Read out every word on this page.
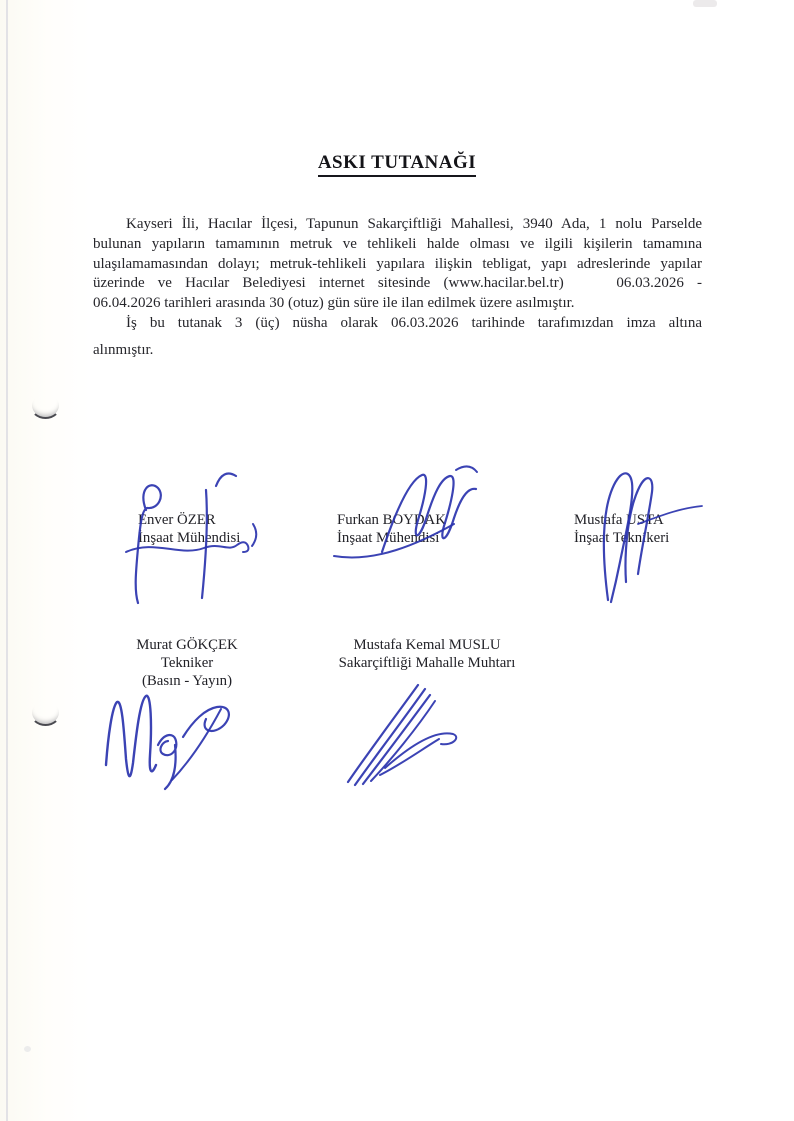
ASKI TUTANAĞI
Kayseri İli, Hacılar İlçesi, Tapunun Sakarçiftliği Mahallesi, 3940 Ada, 1 nolu Parselde
bulunan yapıların tamamının metruk ve tehlikeli halde olması ve ilgili kişilerin tamamına
ulaşılamamasından dolayı; metruk-tehlikeli yapılara ilişkin tebligat, yapı adreslerinde yapılar
üzerinde ve Hacılar Belediyesi internet sitesinde (www.hacilar.bel.tr)    06.03.2026 -
06.04.2026 tarihleri arasında 30 (otuz) gün süre ile ilan edilmek üzere asılmıştır.
İş bu tutanak 3 (üç) nüsha olarak 06.03.2026 tarihinde tarafımızdan imza altına
alınmıştır.
Enver ÖZER
İnşaat Mühendisi
Furkan BOYDAK
İnşaat Mühendisi
Mustafa USTA
İnşaat Teknikeri
Murat GÖKÇEK
Tekniker
(Basın - Yayın)
Mustafa Kemal MUSLU
Sakarçiftliği Mahalle Muhtarı
